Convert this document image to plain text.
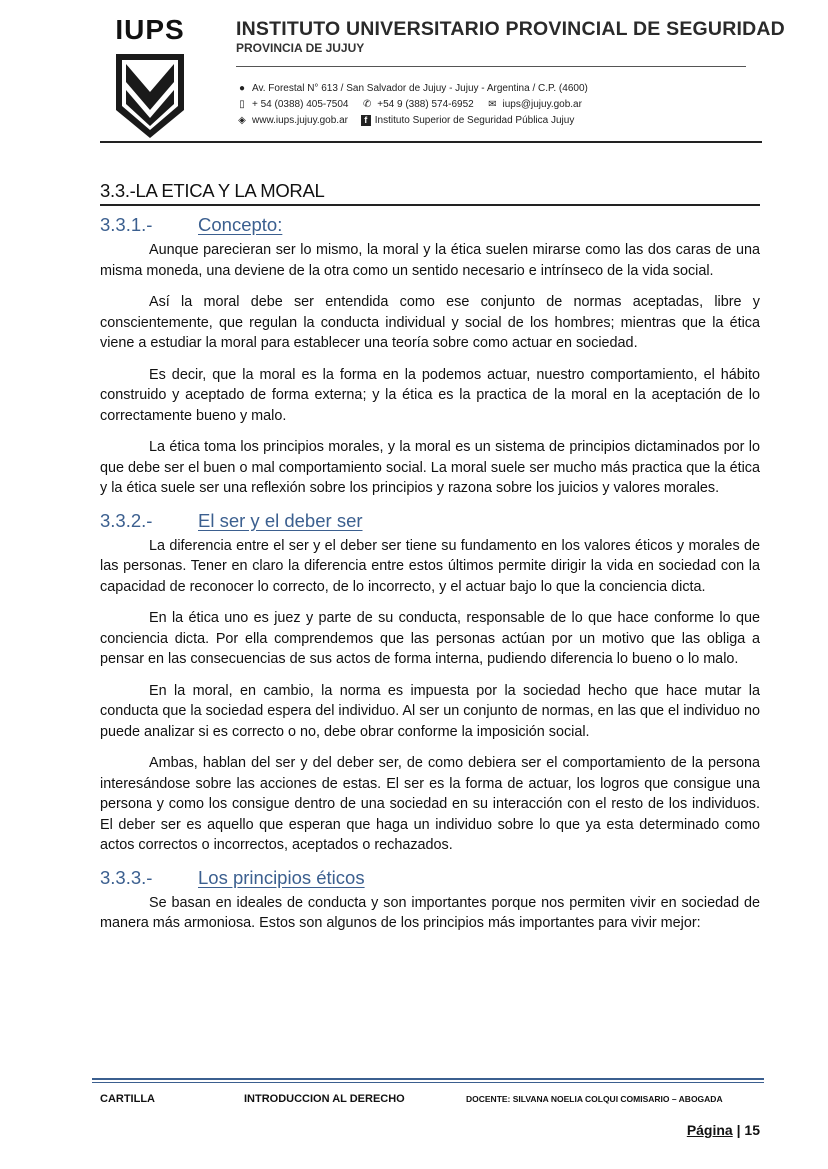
IUPS	INSTITUTO UNIVERSITARIO PROVINCIAL DE SEGURIDAD
PROVINCIA DE JUJUY
● Av. Forestal N° 613 / San Salvador de Jujuy - Jujuy - Argentina / C.P. (4600)
▯ + 54 (0388) 405-7504 ✆ +54 9 (388) 574-6952 ✉ iups@jujuy.gob.ar
◈ www.iups.jujuy.gob.ar f Instituto Superior de Seguridad Pública Jujuy
3.3.-LA ETICA Y LA MORAL
3.3.1.- Concepto:

Aunque parecieran ser lo mismo, la moral y la ética suelen mirarse como las dos caras de una misma moneda, una deviene de la otra como un sentido necesario e intrínseco de la vida social.

Así la moral debe ser entendida como ese conjunto de normas aceptadas, libre y conscientemente, que regulan la conducta individual y social de los hombres; mientras que la ética viene a estudiar la moral para establecer una teoría sobre como actuar en sociedad.

Es decir, que la moral es la forma en la podemos actuar, nuestro comportamiento, el hábito construido y aceptado de forma externa; y la ética es la practica de la moral en la aceptación de lo correctamente bueno y malo.

La ética toma los principios morales, y la moral es un sistema de principios dictaminados por lo que debe ser el buen o mal comportamiento social. La moral suele ser mucho más practica que la ética y la ética suele ser una reflexión sobre los principios y razona sobre los juicios y valores morales.

3.3.2.- El ser y el deber ser

La diferencia entre el ser y el deber ser tiene su fundamento en los valores éticos y morales de las personas. Tener en claro la diferencia entre estos últimos permite dirigir la vida en sociedad con la capacidad de reconocer lo correcto, de lo incorrecto, y el actuar bajo lo que la conciencia dicta.

En la ética uno es juez y parte de su conducta, responsable de lo que hace conforme lo que conciencia dicta. Por ella comprendemos que las personas actúan por un motivo que las obliga a pensar en las consecuencias de sus actos de forma interna, pudiendo diferencia lo bueno o lo malo.

En la moral, en cambio, la norma es impuesta por la sociedad hecho que hace mutar la conducta que la sociedad espera del individuo. Al ser un conjunto de normas, en las que el individuo no puede analizar si es correcto o no, debe obrar conforme la imposición social.

Ambas, hablan del ser y del deber ser, de como debiera ser el comportamiento de la persona interesándose sobre las acciones de estas. El ser es la forma de actuar, los logros que consigue una persona y como los consigue dentro de una sociedad en su interacción con el resto de los individuos. El deber ser es aquello que esperan que haga un individuo sobre lo que ya esta determinado como actos correctos o incorrectos, aceptados o rechazados.

3.3.3.- Los principios éticos

Se basan en ideales de conducta y son importantes porque nos permiten vivir en sociedad de manera más armoniosa. Estos son algunos de los principios más importantes para vivir mejor:

CARTILLA	INTRODUCCION AL DERECHO	DOCENTE: SILVANA NOELIA COLQUI COMISARIO – ABOGADA
Página | 15
